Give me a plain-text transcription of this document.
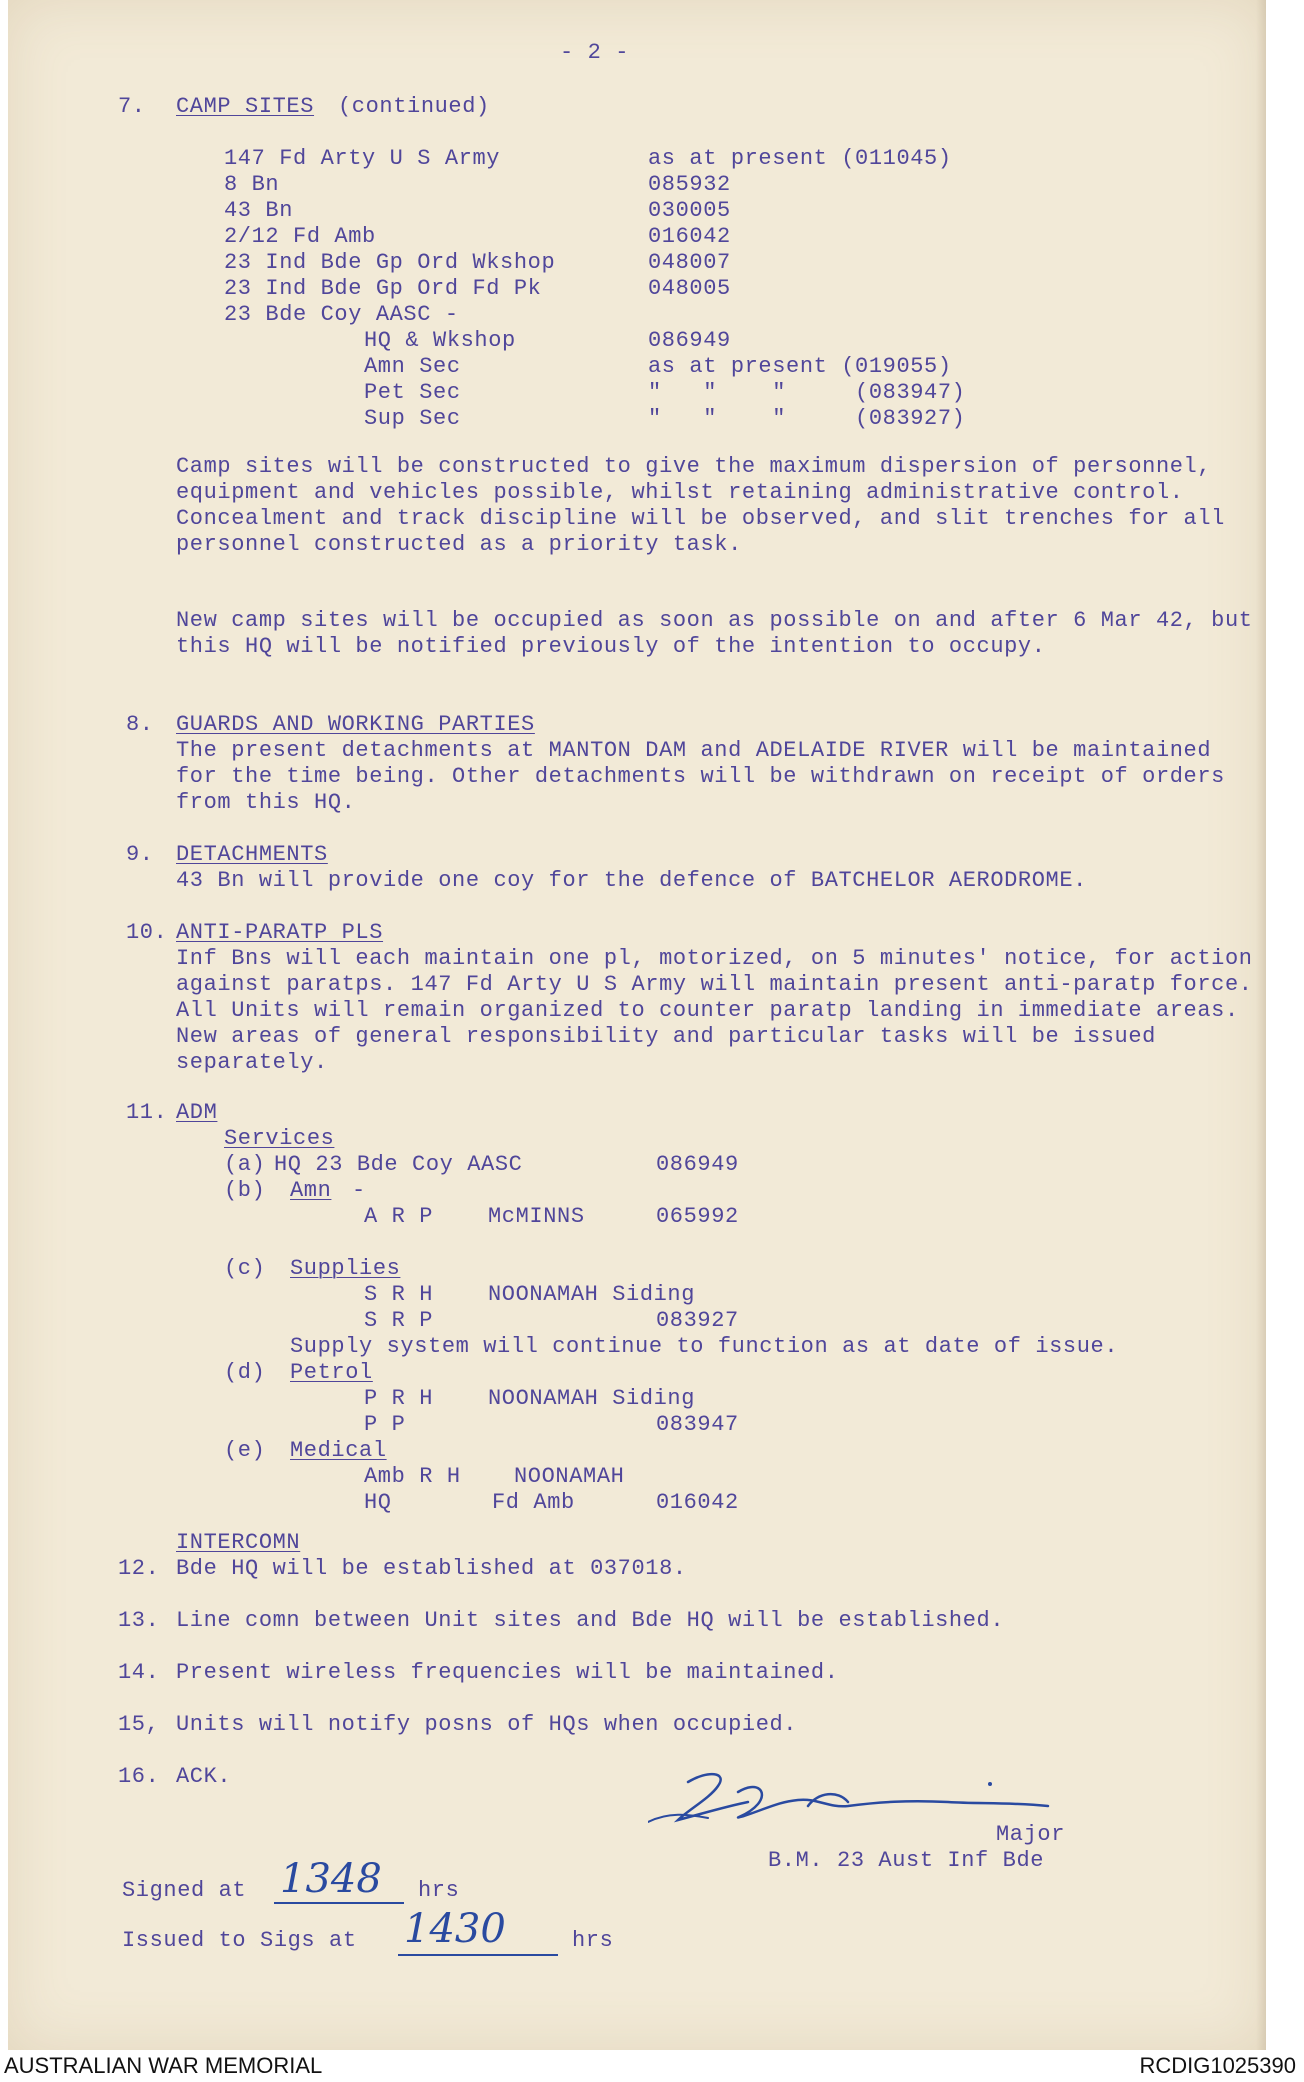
- 2 -
7. CAMP SITES (continued)
147 Fd Arty U S Army	as at present (011045)
8 Bn	085932
43 Bn	030005
2/12 Fd Amb	016042
23 Ind Bde Gp Ord Wkshop	048007
23 Ind Bde Gp Ord Fd Pk	048005
23 Bde Coy AASC -
HQ & Wkshop	086949
Amn Sec	as at present (019055)
Pet Sec	"   "    "     (083947)
Sup Sec	"   "    "     (083927)
Camp sites will be constructed to give the maximum dispersion of personnel, equipment and vehicles possible, whilst retaining administrative control. Concealment and track discipline will be observed, and slit trenches for all personnel constructed as a priority task.
New camp sites will be occupied as soon as possible on and after 6 Mar 42, but this HQ will be notified previously of the intention to occupy.
8. GUARDS AND WORKING PARTIES
The present detachments at MANTON DAM and ADELAIDE RIVER will be maintained for the time being. Other detachments will be withdrawn on receipt of orders from this HQ.
9. DETACHMENTS
43 Bn will provide one coy for the defence of BATCHELOR AERODROME.
10. ANTI-PARATP PLS
Inf Bns will each maintain one pl, motorized, on 5 minutes' notice, for action against paratps. 147 Fd Arty U S Army will maintain present anti-paratp force. All Units will remain organized to counter paratp landing in immediate areas. New areas of general responsibility and particular tasks will be issued separately.
11. ADM
Services
(a) HQ 23 Bde Coy AASC	086949
(b) Amn -
A R P McMINNS	065992
(c) Supplies
S R H NOONAMAH Siding
S R P	083927
Supply system will continue to function as at date of issue.
(d) Petrol
P R H NOONAMAH Siding
P P	083947
(e) Medical
Amb R H NOONAMAH
HQ	Fd Amb	016042
INTERCOMN
12. Bde HQ will be established at 037018.
13. Line comn between Unit sites and Bde HQ will be established.
14. Present wireless frequencies will be maintained.
15, Units will notify posns of HQs when occupied.
16. ACK.
Major
B.M. 23 Aust Inf Bde
Signed at 1348 hrs
Issued to Sigs at 1430	hrs
AUSTRALIAN WAR MEMORIAL	RCDIG1025390
